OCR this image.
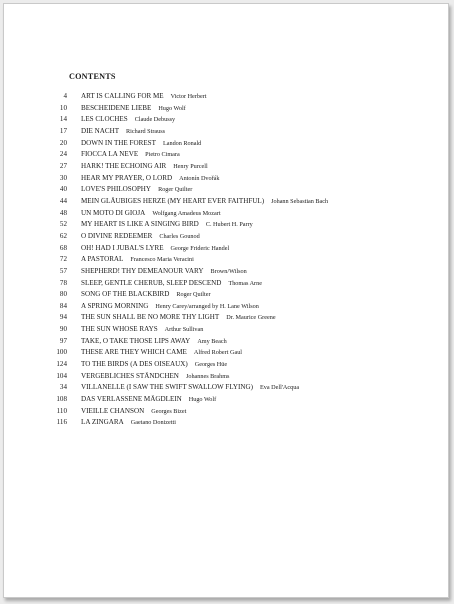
CONTENTS
4 ART IS CALLING FOR ME Victor Herbert
10 BESCHEIDENE LIEBE Hugo Wolf
14 LES CLOCHES Claude Debussy
17 DIE NACHT Richard Strauss
20 DOWN IN THE FOREST Landon Ronald
24 FIOCCA LA NEVE Pietro Cimara
27 HARK! THE ECHOING AIR Henry Purcell
30 HEAR MY PRAYER, O LORD Antonín Dvořák
40 LOVE'S PHILOSOPHY Roger Quilter
44 MEIN GLÄUBIGES HERZE (MY HEART EVER FAITHFUL) Johann Sebastian Bach
48 UN MOTO DI GIOJA Wolfgang Amadeus Mozart
52 MY HEART IS LIKE A SINGING BIRD C. Hubert H. Parry
62 O DIVINE REDEEMER Charles Gounod
68 OH! HAD I JUBAL'S LYRE George Frideric Handel
72 A PASTORAL Francesco Maria Veracini
57 SHEPHERD! THY DEMEANOUR VARY Brown/Wilson
78 SLEEP, GENTLE CHERUB, SLEEP DESCEND Thomas Arne
80 SONG OF THE BLACKBIRD Roger Quilter
84 A SPRING MORNING Henry Carey/arranged by H. Lane Wilson
94 THE SUN SHALL BE NO MORE THY LIGHT Dr. Maurice Greene
90 THE SUN WHOSE RAYS Arthur Sullivan
97 TAKE, O TAKE THOSE LIPS AWAY Amy Beach
100 THESE ARE THEY WHICH CAME Alfred Robert Gaul
124 TO THE BIRDS (A DES OISEAUX) Georges Hüe
104 VERGEBLICHES STÄNDCHEN Johannes Brahms
34 VILLANELLE (I SAW THE SWIFT SWALLOW FLYING) Eva Dell'Acqua
108 DAS VERLASSENE MÄGDLEIN Hugo Wolf
110 VIEILLE CHANSON Georges Bizet
116 LA ZINGARA Gaetano Donizetti
